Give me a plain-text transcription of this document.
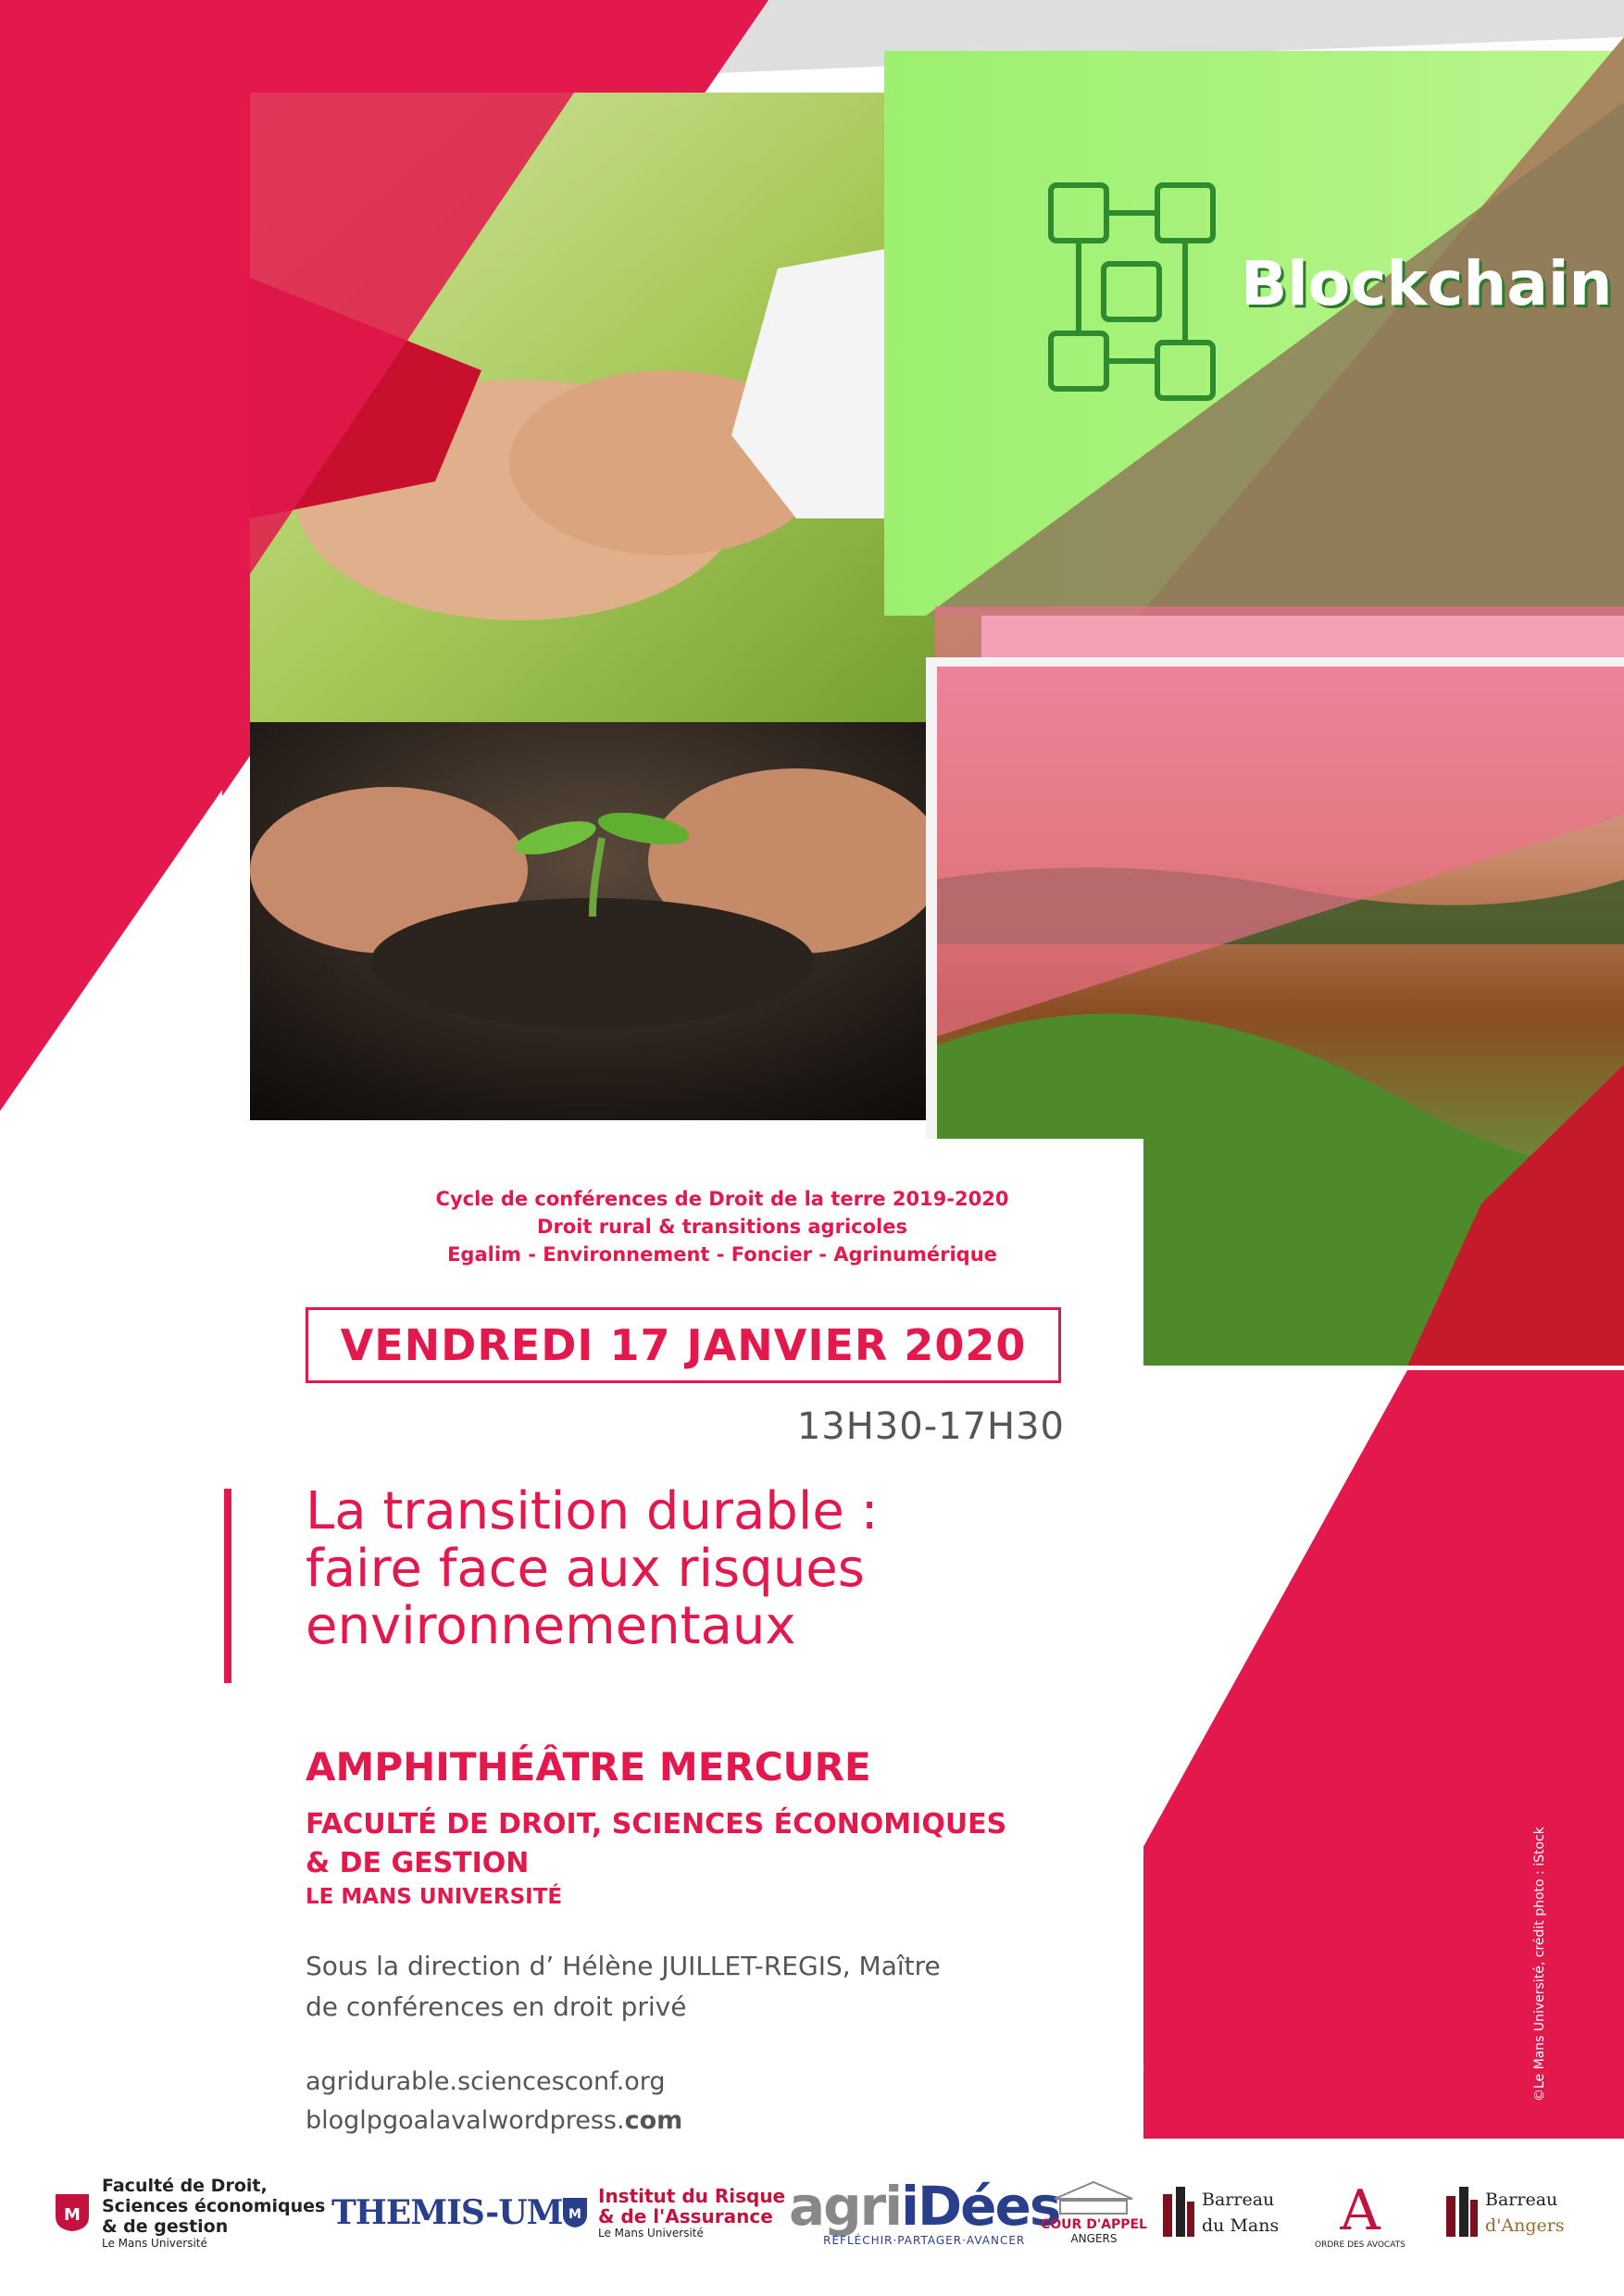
Blockchain
Cycle de conférences de Droit de la terre 2019-2020
Droit rural & transitions agricoles
Egalim - Environnement - Foncier - Agrinumérique
VENDREDI 17 JANVIER 2020
13H30-17H30
La transition durable :
faire face aux risques
environnementaux
AMPHITHÉÂTRE MERCURE
FACULTÉ DE DROIT, SCIENCES ÉCONOMIQUES
& DE GESTION
LE MANS UNIVERSITÉ
Sous la direction d’ Hélène JUILLET-REGIS, Maître
de conférences en droit privé
agridurable.sciencesconf.org
bloglpgoalavalwordpress.com
©Le Mans Université, crédit photo : iStock
M
Faculté de Droit,
Sciences économiques
& de gestion
Le Mans Université
THEMIS-UM M
Institut du Risque
& de l'Assurance
Le Mans Université	agriiDées
RÉFLÉCHIR·PARTAGER·AVANCER
COUR D'APPEL
ANGERS
Barreau
du Mans A
ORDRE DES AVOCATS
Barreau
d'Angers
